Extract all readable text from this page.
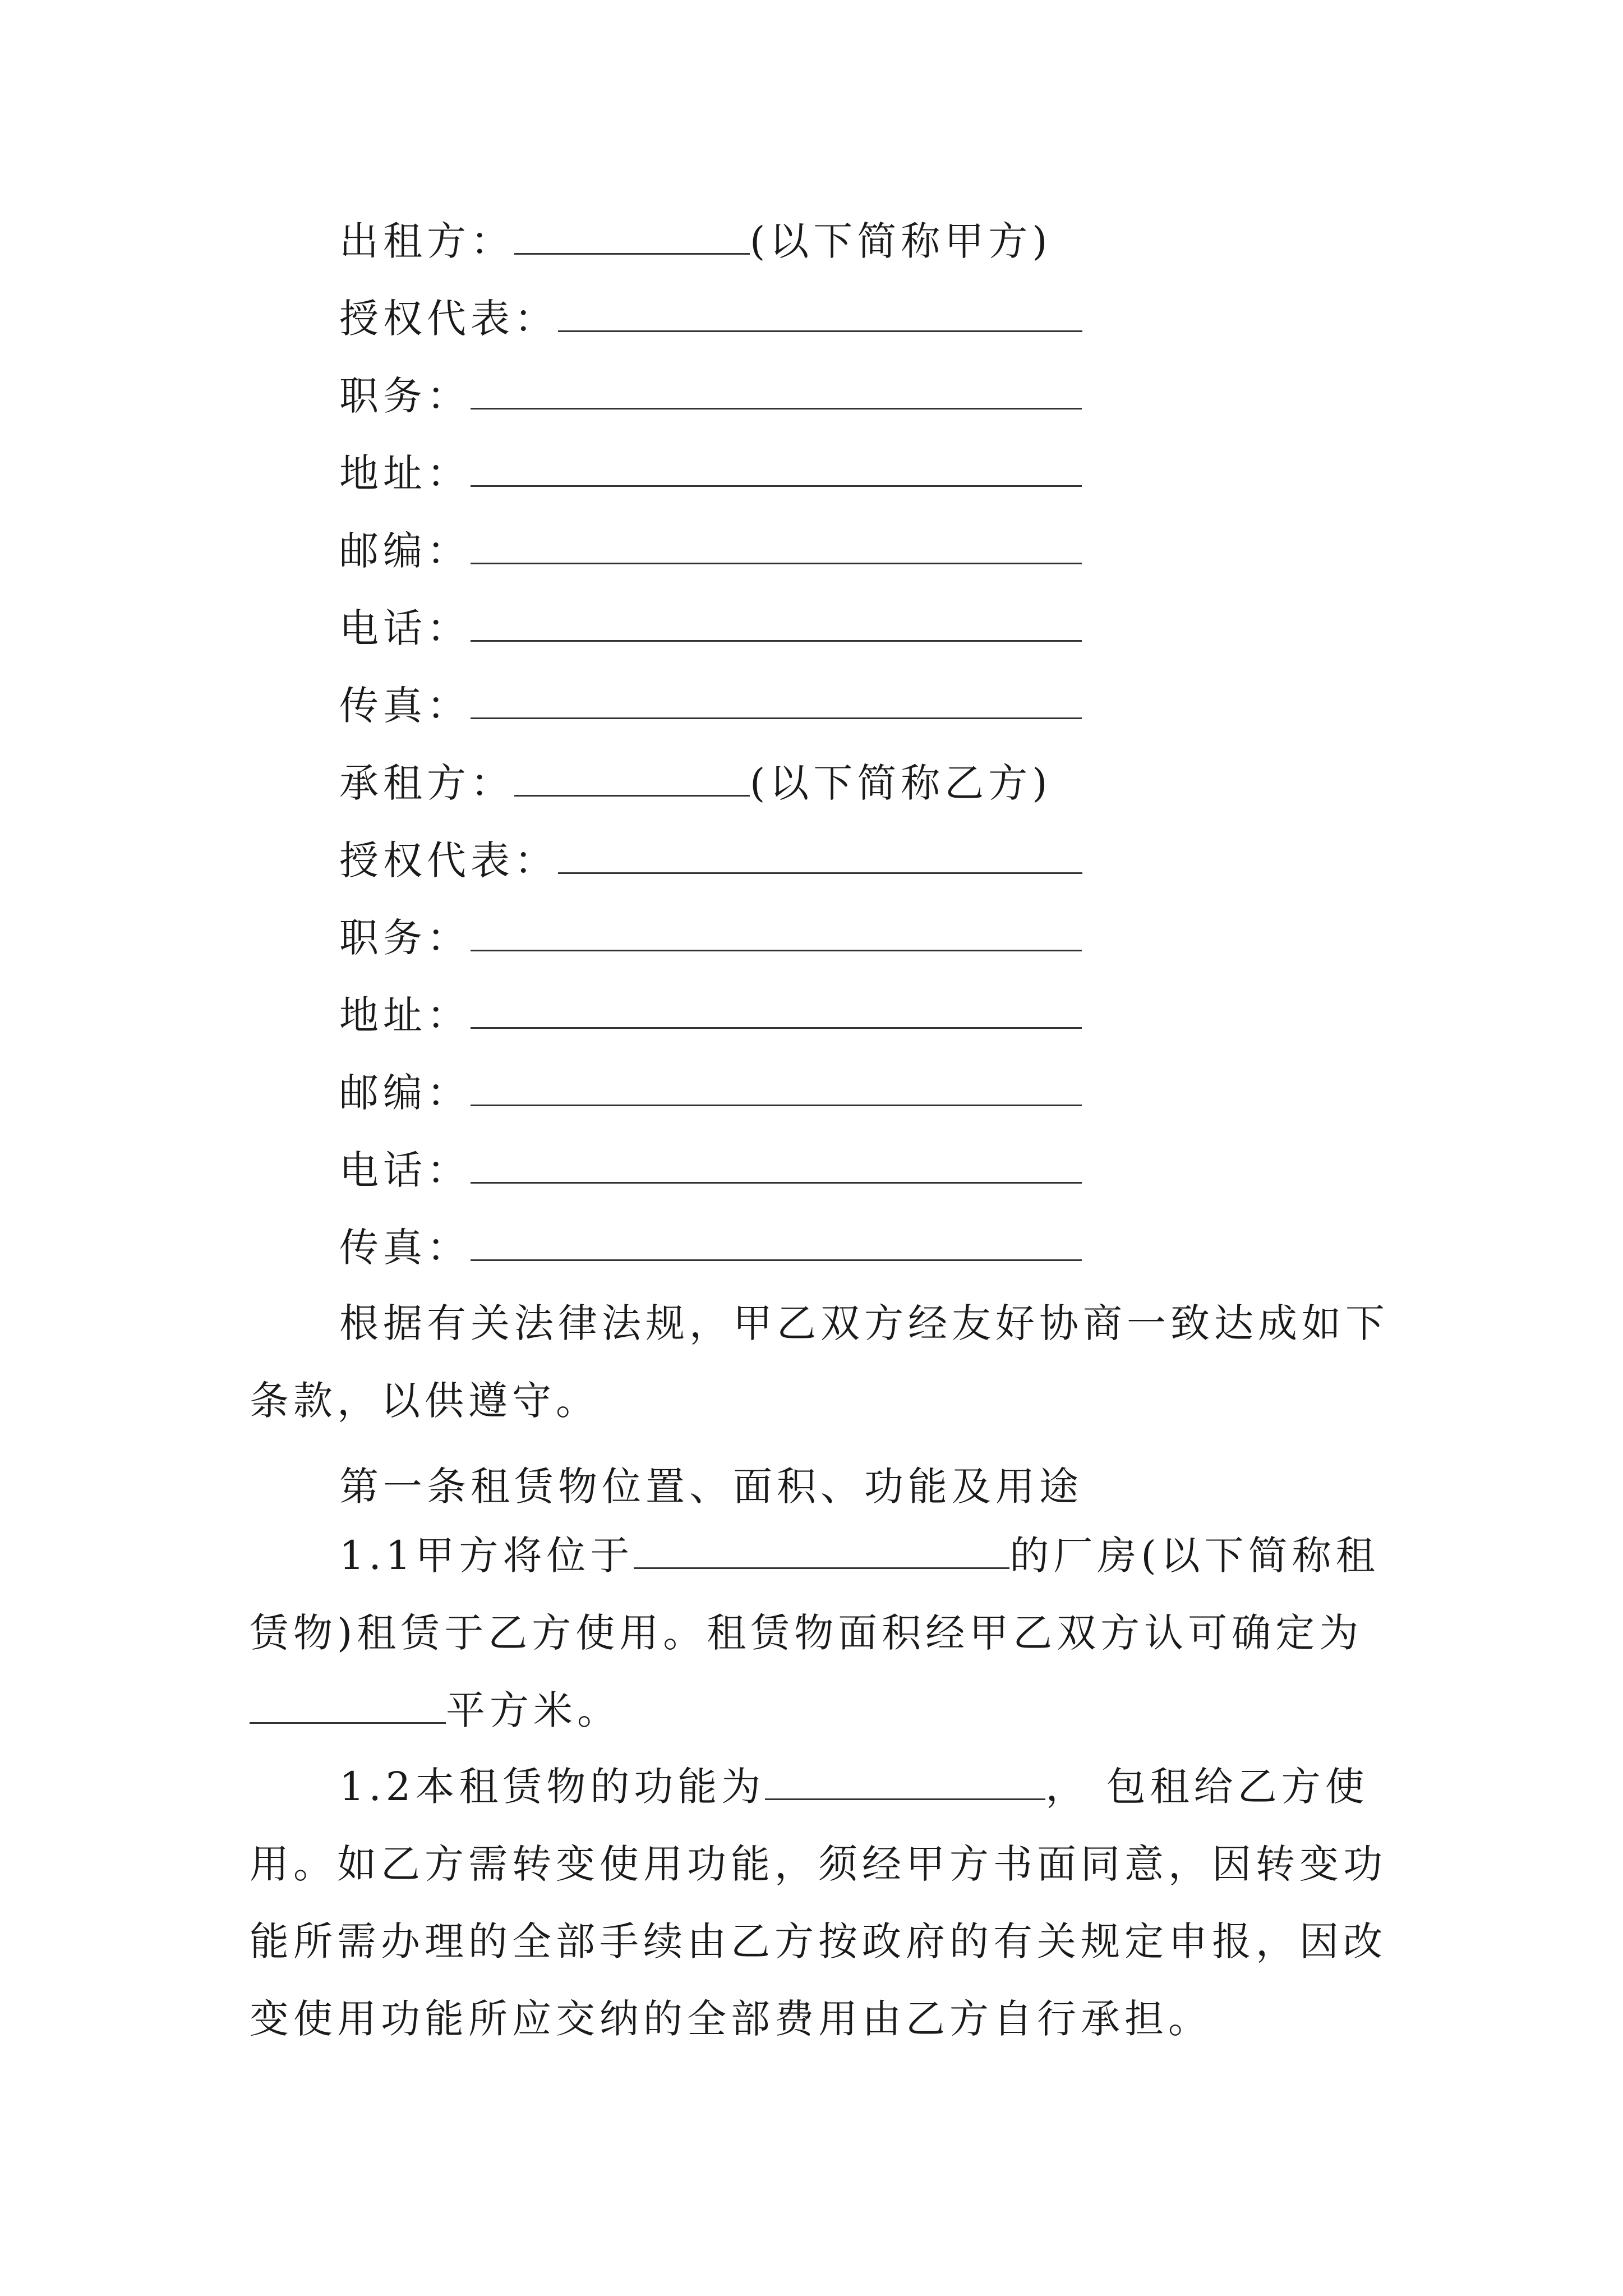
出租方：	(以下简称甲方)
授权代表：
职务：
地址：
邮编：
电话：
传真：
承租方：	(以下简称乙方)
授权代表：
职务：
地址：
邮编：
电话：
传真：
根据有关法律法规，甲乙双方经友好协商一致达成如下条款，以供遵守。
第一条租赁物位置、面积、功能及用途
1.1甲方将位于	的厂房(以下简称租赁物)租赁于乙方使用。租赁物面积经甲乙双方认可确定为平方米。
1.2本租赁物的功能为	， 包租给乙方使用。如乙方需转变使用功能，须经甲方书面同意，因转变功能所需办理的全部手续由乙方按政府的有关规定申报，因改变使用功能所应交纳的全部费用由乙方自行承担。
